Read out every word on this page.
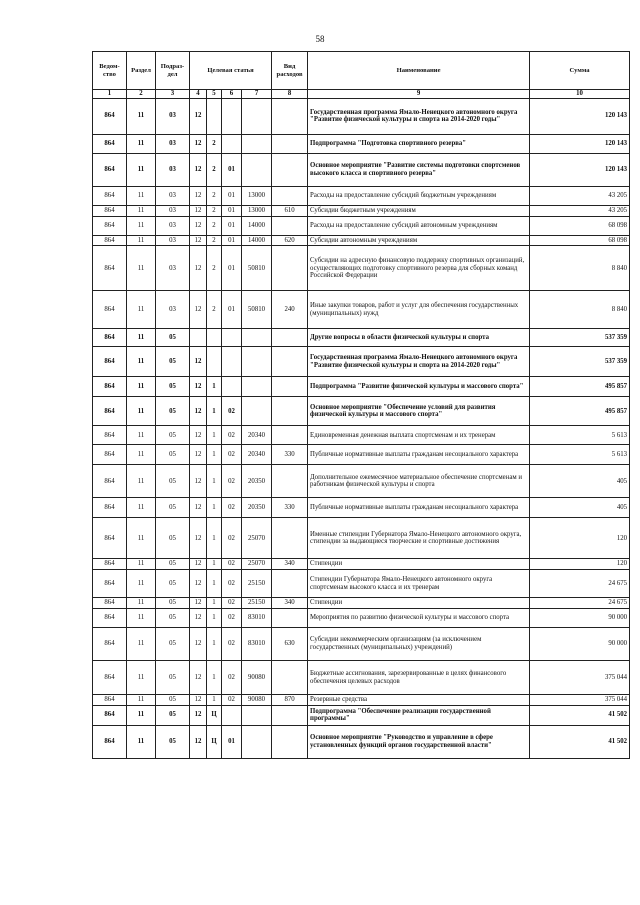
58
Ведом-ство	Раздел	Подраз-дел	Целевая статья				Вид расходов	Наименование	Сумма
1	2	3	4	5	6	7	8	9	10
864	11	03	12					Государственная программа Ямало-Ненецкого автономного округа "Развитие физической культуры и спорта на 2014-2020 годы"	120 143
864	11	03	12	2				Подпрограмма "Подготовка спортивного резерва"	120 143
864	11	03	12	2	01			Основное мероприятие "Развитие системы подготовки спортсменов высокого класса и спортивного резерва"	120 143
864	11	03	12	2	01	13000		Расходы на предоставление субсидий бюджетным учреждениям	43 205
864	11	03	12	2	01	13000	610	Субсидии бюджетным учреждениям	43 205
864	11	03	12	2	01	14000		Расходы на предоставление субсидий автономным учреждениям	68 098
864	11	03	12	2	01	14000	620	Субсидии автономным учреждениям	68 098
864	11	03	12	2	01	50810		Субсидии на адресную финансовую поддержку спортивных организаций, осуществляющих подготовку спортивного резерва для сборных команд Российской Федерации	8 840
864	11	03	12	2	01	50810	240	Иные закупки товаров, работ и услуг для обеспечения государственных (муниципальных) нужд	8 840
864	11	05						Другие вопросы в области физической культуры и спорта	537 359
864	11	05	12					Государственная программа Ямало-Ненецкого автономного округа "Развитие физической культуры и спорта на 2014-2020 годы"	537 359
864	11	05	12	1				Подпрограмма "Развитие физической культуры и массового спорта"	495 857
864	11	05	12	1	02			Основное мероприятие "Обеспечение условий для развития физической культуры и массового спорта"	495 857
864	11	05	12	1	02	20340		Единовременная денежная выплата спортсменам и их тренерам	5 613
864	11	05	12	1	02	20340	330	Публичные нормативные выплаты гражданам несоциального характера	5 613
864	11	05	12	1	02	20350		Дополнительное ежемесячное материальное обеспечение спортсменам и работникам физической культуры и спорта	405
864	11	05	12	1	02	20350	330	Публичные нормативные выплаты гражданам несоциального характера	405
864	11	05	12	1	02	25070		Именные стипендии Губернатора Ямало-Ненецкого автономного округа, стипендии за выдающиеся творческие и спортивные достижения	120
864	11	05	12	1	02	25070	340	Стипендии	120
864	11	05	12	1	02	25150		Стипендии Губернатора Ямало-Ненецкого автономного округа спортсменам высокого класса и их тренерам	24 675
864	11	05	12	1	02	25150	340	Стипендии	24 675
864	11	05	12	1	02	83010		Мероприятия по развитию физической культуры и массового спорта	90 000
864	11	05	12	1	02	83010	630	Субсидии некоммерческим организациям (за исключением государственных (муниципальных) учреждений)	90 000
864	11	05	12	1	02	90080		Бюджетные ассигнования, зарезервированные в целях финансового обеспечения целевых расходов	375 044
864	11	05	12	1	02	90080	870	Резервные средства	375 044
864	11	05	12	Ц				Подпрограмма "Обеспечение реализации государственной программы"	41 502
864	11	05	12	Ц	01			Основное мероприятие "Руководство и управление в сфере установленных функций органов государственной власти"	41 502
